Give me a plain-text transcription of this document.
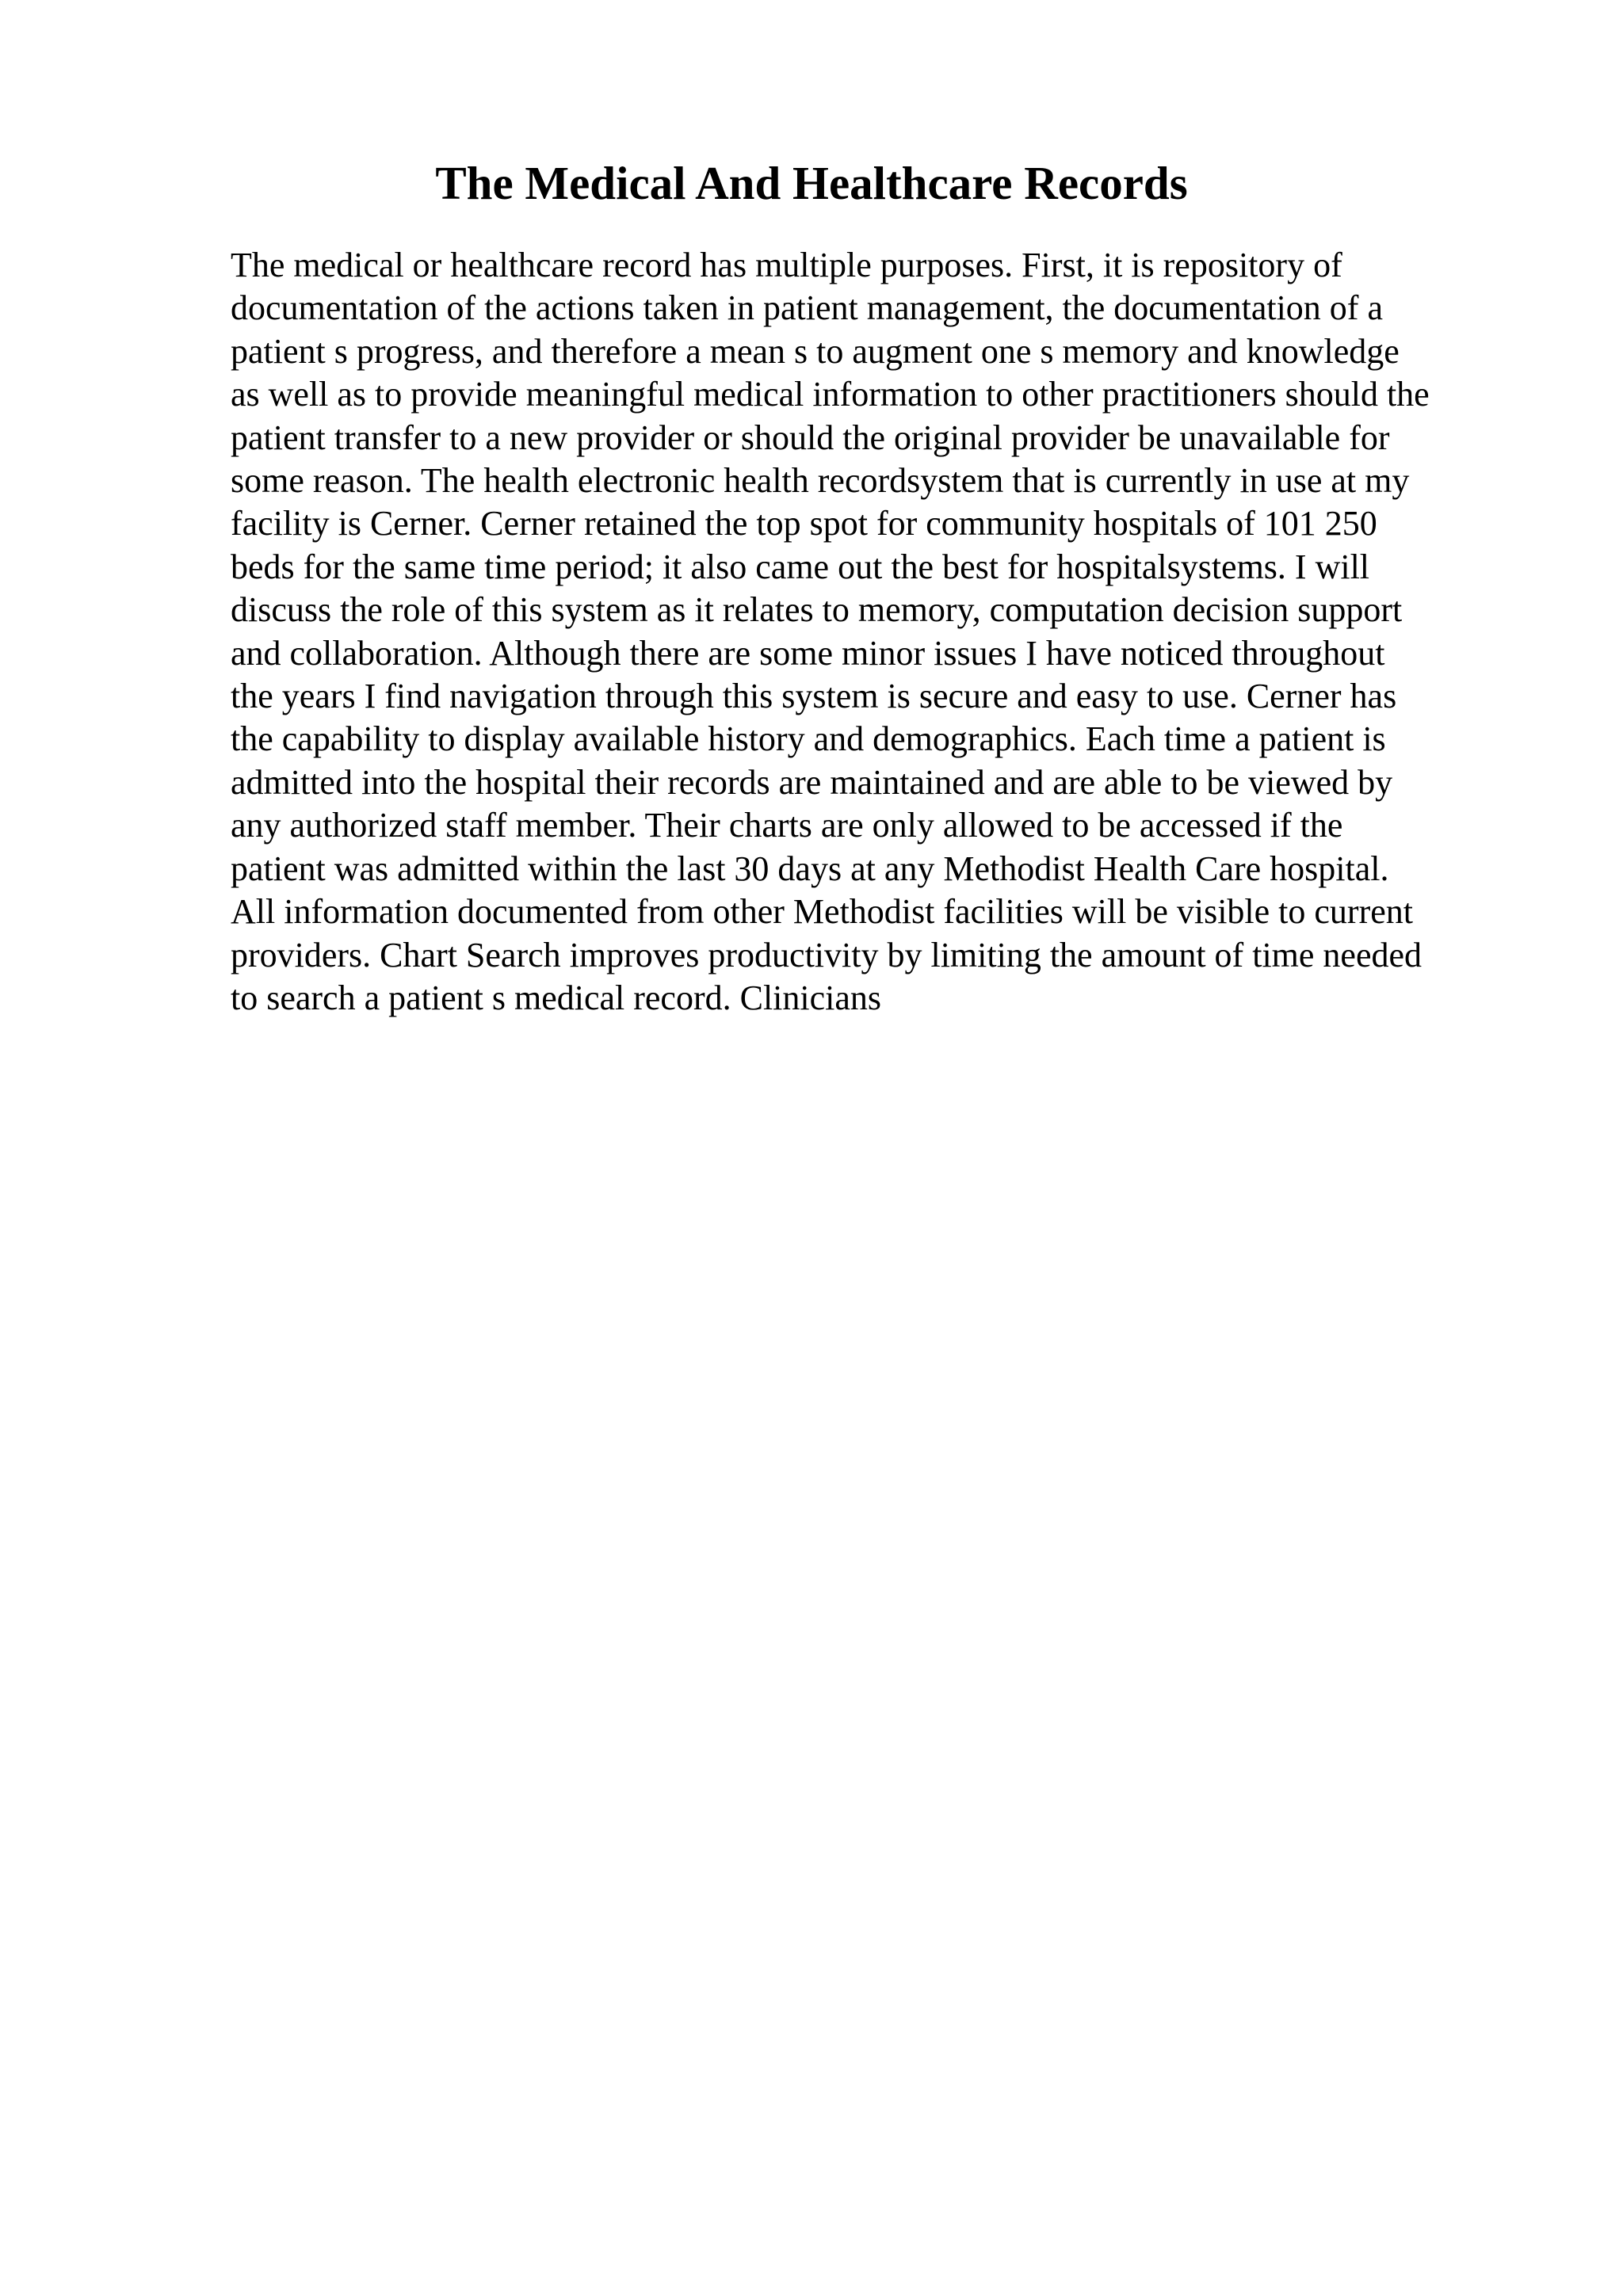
The Medical And Healthcare Records
The medical or healthcare record has multiple purposes. First, it is repository of
documentation of the actions taken in patient management, the documentation of a
patient s progress, and therefore a mean s to augment one s memory and knowledge
as well as to provide meaningful medical information to other practitioners should the
patient transfer to a new provider or should the original provider be unavailable for
some reason. The health electronic health recordsystem that is currently in use at my
facility is Cerner. Cerner retained the top spot for community hospitals of 101 250
beds for the same time period; it also came out the best for hospitalsystems. I will
discuss the role of this system as it relates to memory, computation decision support
and collaboration. Although there are some minor issues I have noticed throughout
the years I find navigation through this system is secure and easy to use. Cerner has
the capability to display available history and demographics. Each time a patient is
admitted into the hospital their records are maintained and are able to be viewed by
any authorized staff member. Their charts are only allowed to be accessed if the
patient was admitted within the last 30 days at any Methodist Health Care hospital.
All information documented from other Methodist facilities will be visible to current
providers. Chart Search improves productivity by limiting the amount of time needed
to search a patient s medical record. Clinicians
